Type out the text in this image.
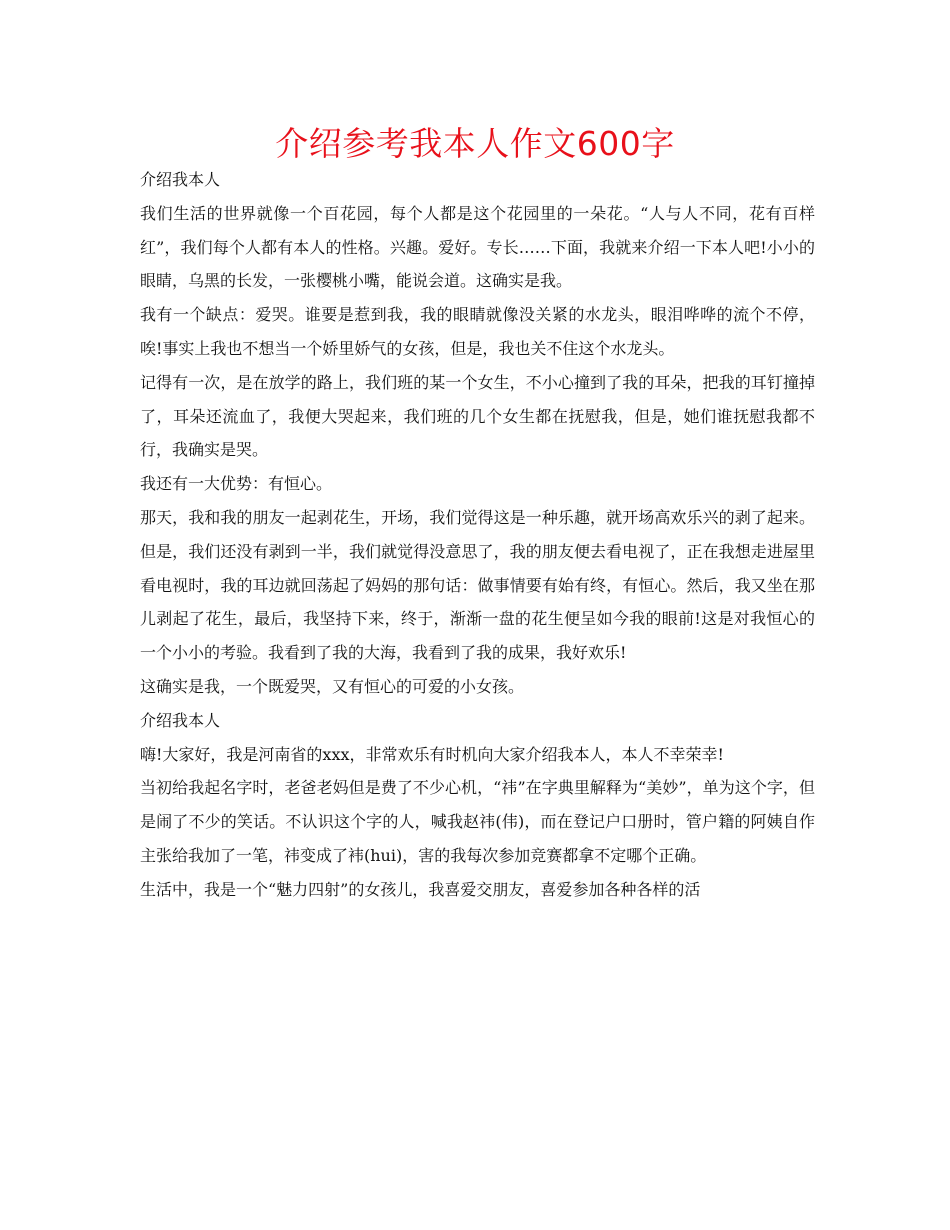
介绍参考我本人作文600字

介绍我本人

我们生活的世界就像一个百花园，每个人都是这个花园里的一朵花。“人与人不同，花有百样红”，我们每个人都有本人的性格。兴趣。爱好。专长……下面，我就来介绍一下本人吧!小小的眼睛，乌黑的长发，一张樱桃小嘴，能说会道。这确实是我。

我有一个缺点：爱哭。谁要是惹到我，我的眼睛就像没关紧的水龙头，眼泪哗哗的流个不停，唉!事实上我也不想当一个娇里娇气的女孩，但是，我也关不住这个水龙头。

记得有一次，是在放学的路上，我们班的某一个女生，不小心撞到了我的耳朵，把我的耳钉撞掉了，耳朵还流血了，我便大哭起来，我们班的几个女生都在抚慰我，但是，她们谁抚慰我都不行，我确实是哭。

我还有一大优势：有恒心。

那天，我和我的朋友一起剥花生，开场，我们觉得这是一种乐趣，就开场高欢乐兴的剥了起来。但是，我们还没有剥到一半，我们就觉得没意思了，我的朋友便去看电视了，正在我想走进屋里看电视时，我的耳边就回荡起了妈妈的那句话：做事情要有始有终，有恒心。然后，我又坐在那儿剥起了花生，最后，我坚持下来，终于，渐渐一盘的花生便呈如今我的眼前!这是对我恒心的一个小小的考验。我看到了我的大海，我看到了我的成果，我好欢乐!

这确实是我，一个既爱哭，又有恒心的可爱的小女孩。

介绍我本人

嗨!大家好，我是河南省的xxx，非常欢乐有时机向大家介绍我本人，本人不幸荣幸!

当初给我起名字时，老爸老妈但是费了不少心机，“祎”在字典里解释为“美妙”，单为这个字，但是闹了不少的笑话。不认识这个字的人，喊我赵祎(伟)，而在登记户口册时，管户籍的阿姨自作主张给我加了一笔，祎变成了袆(hui)，害的我每次参加竞赛都拿不定哪个正确。

生活中，我是一个“魅力四射”的女孩儿，我喜爱交朋友，喜爱参加各种各样的活
